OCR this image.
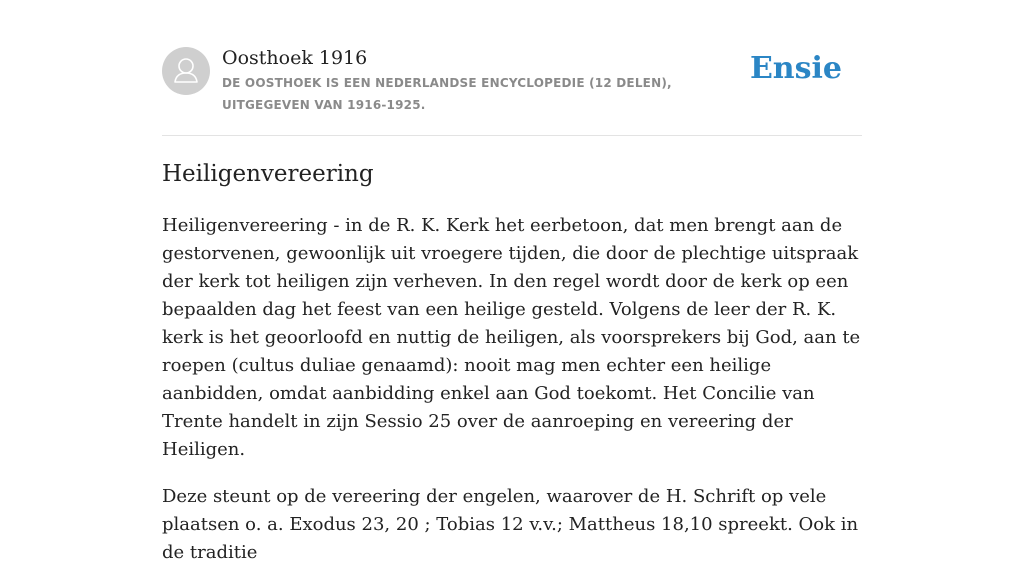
Oosthoek 1916
DE OOSTHOEK IS EEN NEDERLANDSE ENCYCLOPEDIE (12 DELEN), UITGEGEVEN VAN 1916-1925.
Ensie
Heiligenvereering

Heiligenvereering - in de R. K. Kerk het eerbetoon, dat men brengt aan de gestorvenen, gewoonlijk uit vroegere tijden, die door de plechtige uitspraak der kerk tot heiligen zijn verheven. In den regel wordt door de kerk op een bepaalden dag het feest van een heilige gesteld. Volgens de leer der R. K. kerk is het geoorloofd en nuttig de heiligen, als voorsprekers bij God, aan te roepen (cultus duliae genaamd): nooit mag men echter een heilige aanbidden, omdat aanbidding enkel aan God toekomt. Het Concilie van Trente handelt in zijn Sessio 25 over de aanroeping en vereering der Heiligen.

Deze steunt op de vereering der engelen, waarover de H. Schrift op vele plaatsen o. a. Exodus 23, 20 ; Tobias 12 v.v.; Mattheus 18,10 spreekt. Ook in de traditie
